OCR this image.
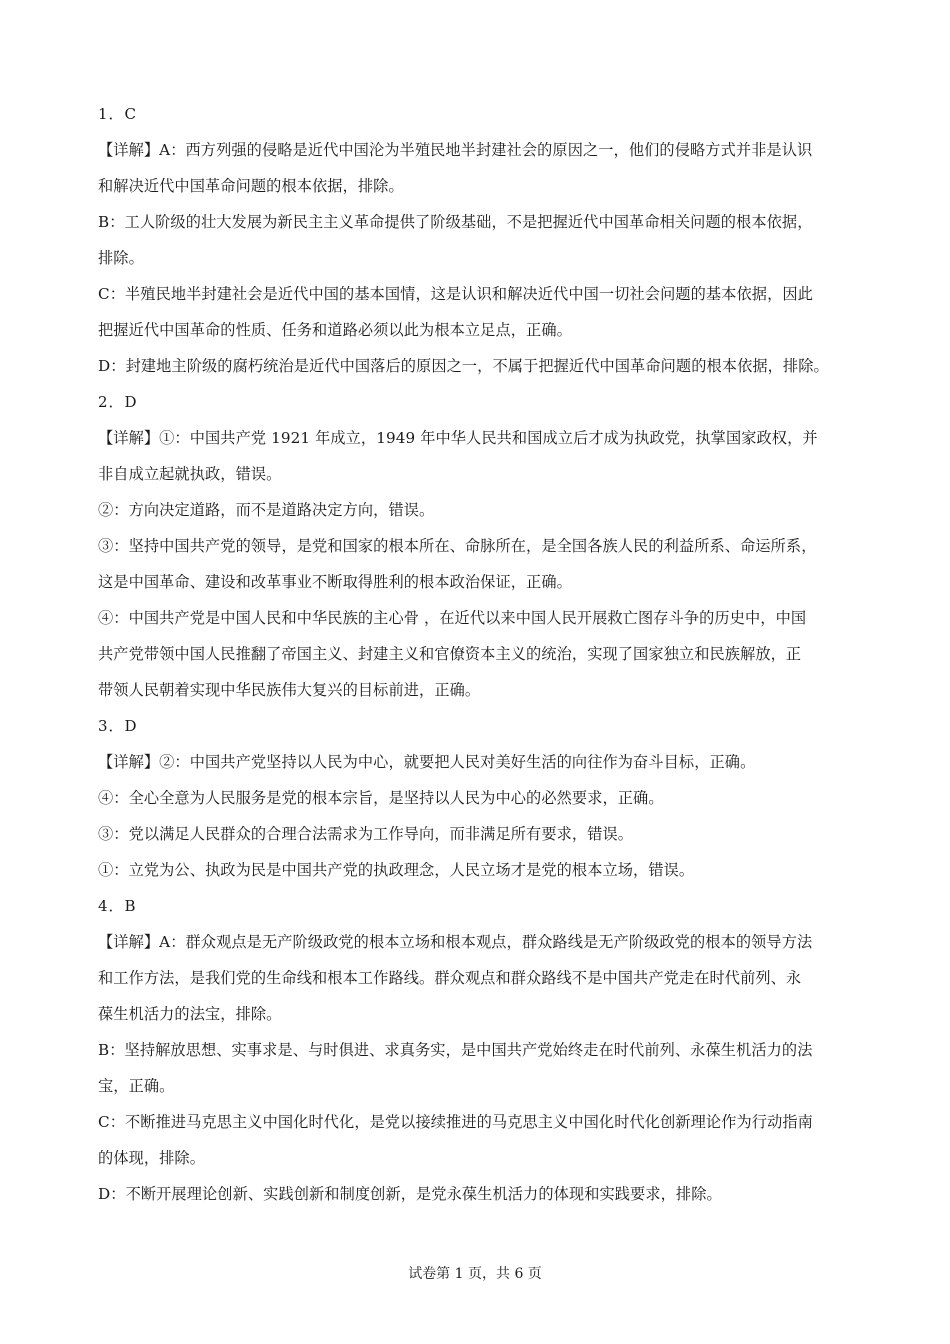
1．C
【详解】A：西方列强的侵略是近代中国沦为半殖民地半封建社会的原因之一，他们的侵略方式并非是认识
和解决近代中国革命问题的根本依据，排除。
B：工人阶级的壮大发展为新民主主义革命提供了阶级基础，不是把握近代中国革命相关问题的根本依据，
排除。
C：半殖民地半封建社会是近代中国的基本国情，这是认识和解决近代中国一切社会问题的基本依据，因此
把握近代中国革命的性质、任务和道路必须以此为根本立足点，正确。
D：封建地主阶级的腐朽统治是近代中国落后的原因之一，不属于把握近代中国革命问题的根本依据，排除。
2．D
【详解】①：中国共产党 1921 年成立，1949 年中华人民共和国成立后才成为执政党，执掌国家政权，并
非自成立起就执政，错误。
②：方向决定道路，而不是道路决定方向，错误。
③：坚持中国共产党的领导，是党和国家的根本所在、命脉所在，是全国各族人民的利益所系、命运所系，
这是中国革命、建设和改革事业不断取得胜利的根本政治保证，正确。
④：中国共产党是中国人民和中华民族的主心骨 ，在近代以来中国人民开展救亡图存斗争的历史中，中国
共产党带领中国人民推翻了帝国主义、封建主义和官僚资本主义的统治，实现了国家独立和民族解放，正
带领人民朝着实现中华民族伟大复兴的目标前进，正确。
3．D
【详解】②：中国共产党坚持以人民为中心，就要把人民对美好生活的向往作为奋斗目标，正确。
④：全心全意为人民服务是党的根本宗旨，是坚持以人民为中心的必然要求，正确。
③：党以满足人民群众的合理合法需求为工作导向，而非满足所有要求，错误。
①：立党为公、执政为民是中国共产党的执政理念，人民立场才是党的根本立场，错误。
4．B
【详解】A：群众观点是无产阶级政党的根本立场和根本观点，群众路线是无产阶级政党的根本的领导方法
和工作方法，是我们党的生命线和根本工作路线。群众观点和群众路线不是中国共产党走在时代前列、永
葆生机活力的法宝，排除。
B：坚持解放思想、实事求是、与时俱进、求真务实，是中国共产党始终走在时代前列、永葆生机活力的法
宝，正确。
C：不断推进马克思主义中国化时代化，是党以接续推进的马克思主义中国化时代化创新理论作为行动指南
的体现，排除。
D：不断开展理论创新、实践创新和制度创新，是党永葆生机活力的体现和实践要求，排除。
试卷第 1 页，共 6 页
